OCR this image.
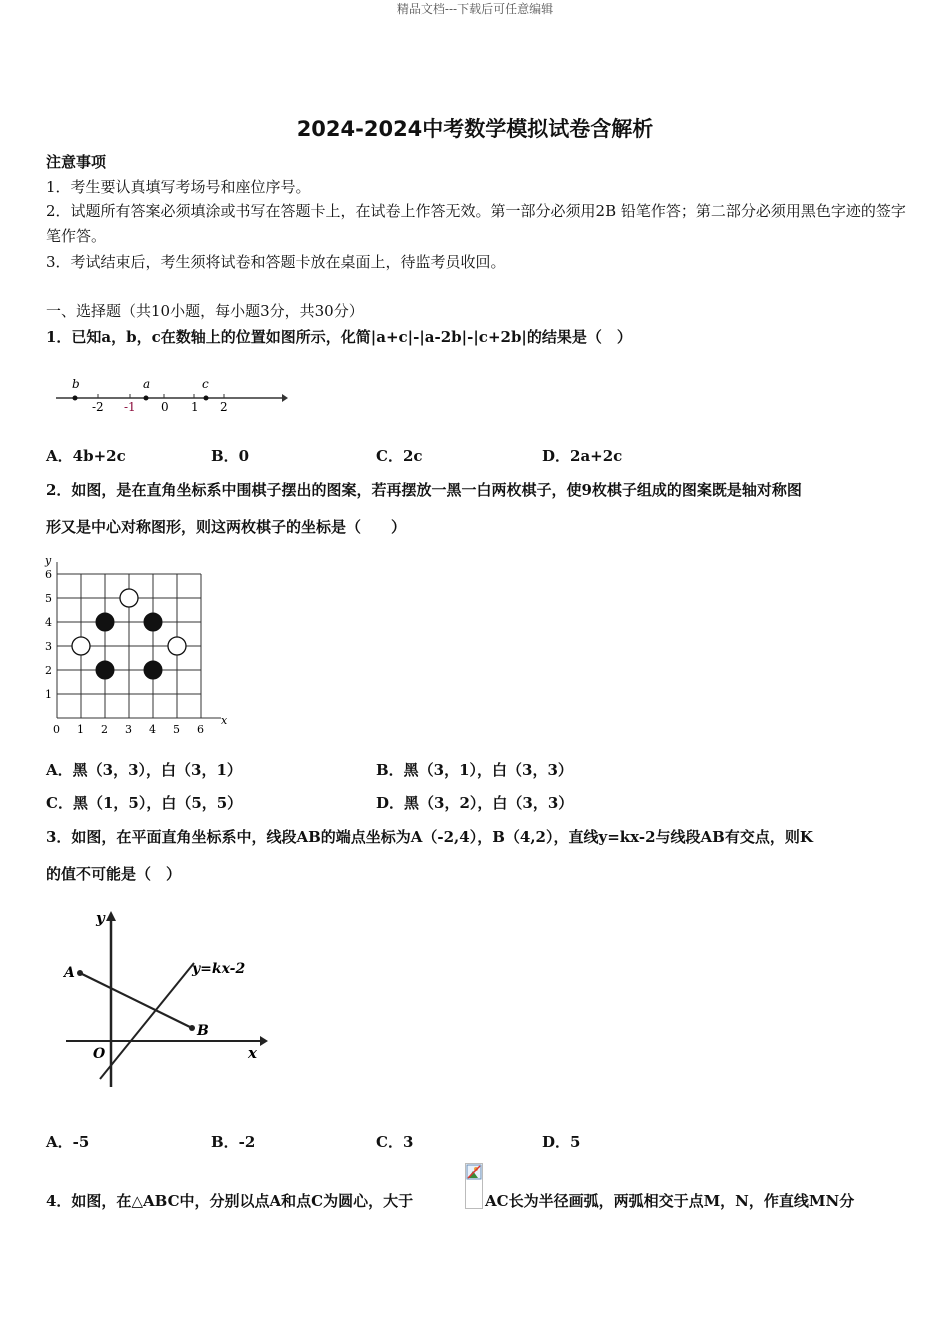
精品文档---下载后可任意编辑
2024-2024中考数学模拟试卷含解析
注意事项
1．考生要认真填写考场号和座位序号。
2．试题所有答案必须填涂或书写在答题卡上，在试卷上作答无效。第一部分必须用2B 铅笔作答；第二部分必须用黑色字迹的签字笔作答。
3．考试结束后，考生须将试卷和答题卡放在桌面上，待监考员收回。
一、选择题（共10小题，每小题3分，共30分）
1．已知a，b，c在数轴上的位置如图所示，化简|a+c|-|a-2b|-|c+2b|的结果是（　）
b	a	c
-2 -1 0 1 2
A．4b+2c	B．0	C．2c	D．2a+2c
2．如图，是在直角坐标系中围棋子摆出的图案，若再摆放一黑一白两枚棋子，使9枚棋子组成的图案既是轴对称图
形又是中心对称图形，则这两枚棋子的坐标是（　　）
0 1 2 3 4 5 6
1
2
3
4
5
6
x
y
A．黑（3，3），白（3，1）	B．黑（3，1），白（3，3）
C．黑（1，5），白（5，5）	D．黑（3，2），白（3，3）
3．如图，在平面直角坐标系中，线段AB的端点坐标为A（-2,4），B（4,2），直线y=kx-2与线段AB有交点，则K
的值不可能是（　）
y
x
O
A
B
y=kx-2
A．-5	B．-2	C．3	D．5
4．如图，在△ABC中，分别以点A和点C为圆心，大于	AC长为半径画弧，两弧相交于点M，N，作直线MN分
